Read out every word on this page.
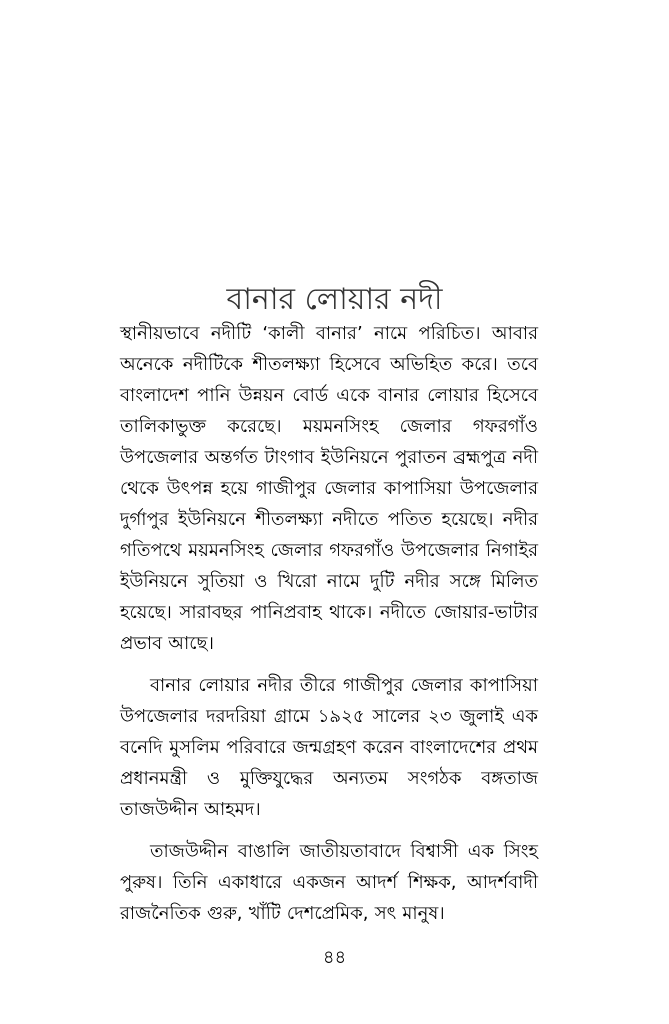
বানার লোয়ার নদী

স্থানীয়ভাবে নদীটি ‘কালী বানার’ নামে পরিচিত। আবার অনেকে নদীটিকে শীতলক্ষ্যা হিসেবে অভিহিত করে। তবে বাংলাদেশ পানি উন্নয়ন বোর্ড একে বানার লোয়ার হিসেবে তালিকাভুক্ত করেছে। ময়মনসিংহ জেলার গফরগাঁও উপজেলার অন্তর্গত টাংগাব ইউনিয়নে পুরাতন ব্রহ্মপুত্র নদী থেকে উৎপন্ন হয়ে গাজীপুর জেলার কাপাসিয়া উপজেলার দুর্গাপুর ইউনিয়নে শীতলক্ষ্যা নদীতে পতিত হয়েছে। নদীর গতিপথে ময়মনসিংহ জেলার গফরগাঁও উপজেলার নিগাইর ইউনিয়নে সুতিয়া ও খিরো নামে দুটি নদীর সঙ্গে মিলিত হয়েছে। সারাবছর পানিপ্রবাহ থাকে। নদীতে জোয়ার-ভাটার প্রভাব আছে।

বানার লোয়ার নদীর তীরে গাজীপুর জেলার কাপাসিয়া উপজেলার দরদরিয়া গ্রামে ১৯২৫ সালের ২৩ জুলাই এক বনেদি মুসলিম পরিবারে জন্মগ্রহণ করেন বাংলাদেশের প্রথম প্রধানমন্ত্রী ও মুক্তিযুদ্ধের অন্যতম সংগঠক বঙ্গতাজ তাজউদ্দীন আহমদ।

তাজউদ্দীন বাঙালি জাতীয়তাবাদে বিশ্বাসী এক সিংহ পুরুষ। তিনি একাধারে একজন আদর্শ শিক্ষক, আদর্শবাদী রাজনৈতিক গুরু, খাঁটি দেশপ্রেমিক, সৎ মানুষ।

৪৪
